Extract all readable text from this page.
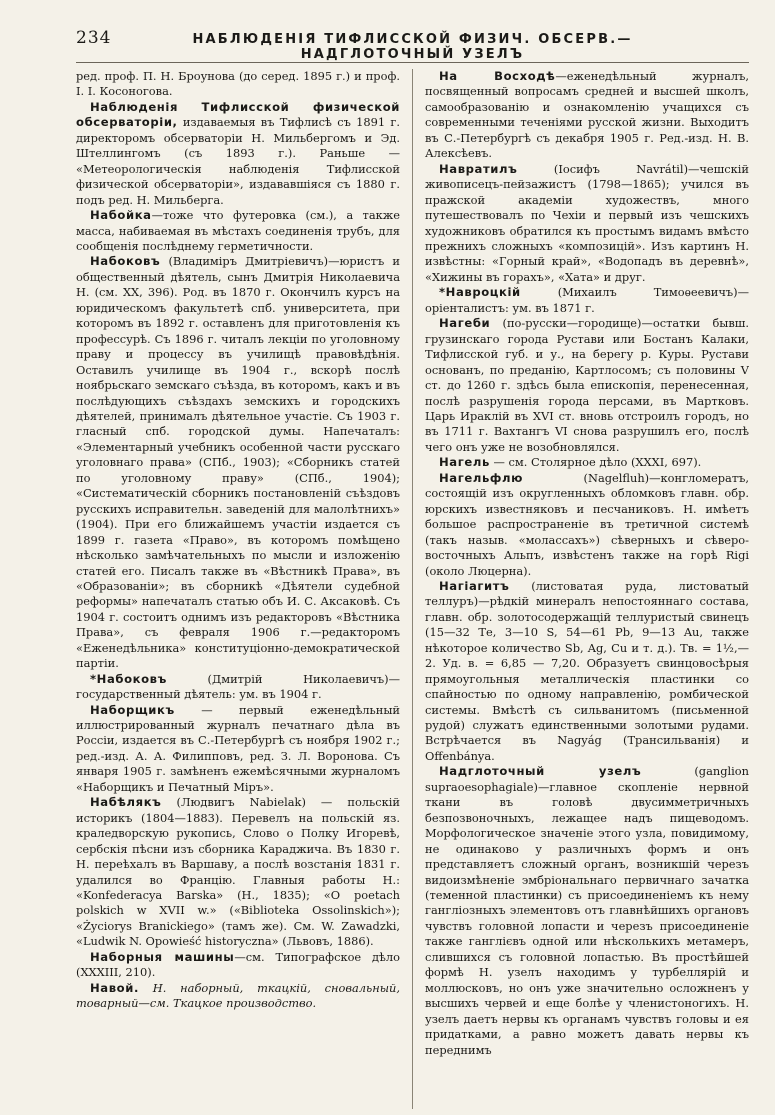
234	НАБЛЮДЕНІЯ ТИФЛИССКОЙ ФИЗИЧ. ОБСЕРВ.—НАДГЛОТОЧНЫЙ УЗЕЛЪ

ред. проф. П. Н. Броунова (до серед. 1895 г.) и проф. І. І. Косоногова.

Наблюденія Тифлисской физической обсерваторіи, издаваемыя въ Тифлисѣ съ 1891 г. директоромъ обсерваторіи Н. Мильбергомъ и Эд. Штеллингомъ (съ 1893 г.). Раньше — «Метеорологическія наблюденія Тифлисской физической обсерваторіи», издававшіяся съ 1880 г. подъ ред. Н. Мильберга.

Набойка—тоже что футеровка (см.), а также масса, набиваемая въ мѣстахъ соединенія трубъ, для сообщенія послѣднему герметичности.

Набоковъ (Владиміръ Дмитріевичъ)—юристъ и общественный дѣятель, сынъ Дмитрія Николаевича Н. (см. XX, 396). Род. въ 1870 г. Окончилъ курсъ на юридическомъ факультетѣ спб. университета, при которомъ въ 1892 г. оставленъ для приготовленія къ профессурѣ. Съ 1896 г. читалъ лекціи по уголовному праву и процессу въ училищѣ правовѣдѣнія. Оставилъ училище въ 1904 г., вскорѣ послѣ ноябрьскаго земскаго съѣзда, въ которомъ, какъ и въ послѣдующихъ съѣздахъ земскихъ и городскихъ дѣятелей, принималъ дѣятельное участіе. Съ 1903 г. гласный спб. городской думы. Напечаталъ: «Элементарный учебникъ особенной части русскаго уголовнаго права» (СПб., 1903); «Сборникъ статей по уголовному праву» (СПб., 1904); «Систематическій сборникъ постановленій съѣздовъ русскихъ исправительн. заведеній для малолѣтнихъ» (1904). При его ближайшемъ участіи издается съ 1899 г. газета «Право», въ которомъ помѣщено нѣсколько замѣчательныхъ по мысли и изложенію статей его. Писалъ также въ «Вѣстникѣ Права», въ «Образованіи»; въ сборникѣ «Дѣятели судебной реформы» напечаталъ статью объ И. С. Аксаковѣ. Съ 1904 г. состоитъ однимъ изъ редакторовъ «Вѣстника Права», съ февраля 1906 г.—редакторомъ «Еженедѣльника» конституціонно-демократической партіи.

*Набоковъ (Дмитрій Николаевичъ)—государственный дѣятель: ум. въ 1904 г.

Наборщикъ — первый еженедѣльный иллюстрированный журналъ печатнаго дѣла въ Россіи, издается въ С.-Петербургѣ съ ноября 1902 г.; ред.-изд. А. А. Филипповъ, ред. З. Л. Воронова. Съ января 1905 г. замѣненъ ежемѣсячными журналомъ «Наборщикъ и Печатный Міръ».

Набѣлякъ (Людвигъ Nabielak) — польскій историкъ (1804—1883). Перевелъ на польскій яз. краледворскую рукопись, Слово о Полку Игоревѣ, сербскія пѣсни изъ сборника Караджича. Въ 1830 г. Н. переѣхалъ въ Варшаву, а послѣ возстанія 1831 г. удалился во Францію. Главныя работы Н.: «Konfederacya Barska» (Н., 1835); «О poetach polskich w XVII w.» («Biblioteka Ossolinskich»); «Życiorys Branickiego» (тамъ же). См. W. Zawadzki, «Ludwik N. Opowieść historyczna» (Львовъ, 1886).

Наборныя машины—см. Типографское дѣло (XXXIII, 210).

Навой. Н. наборный, ткацкій, сновальный, товарный—см. Ткацкое производство.

На Восходѣ—еженедѣльный журналъ, посвященный вопросамъ средней и высшей школъ, самообразованію и ознакомленію учащихся съ современными теченіями русской жизни. Выходитъ въ С.-Петербургѣ съ декабря 1905 г. Ред.-изд. Н. В. Алексѣевъ.

Навратилъ (Іосифъ Navrátil)—чешскій живописецъ-пейзажистъ (1798—1865); учился въ пражской академіи художествъ, много путешествовалъ по Чехіи и первый изъ чешскихъ художниковъ обратился къ простымъ видамъ вмѣсто прежнихъ сложныхъ «композицій». Изъ картинъ Н. извѣстны: «Горный край», «Водопадъ въ деревнѣ», «Хижины въ горахъ», «Хата» и друг.

*Навроцкій (Михаилъ Тимоѳеевичъ)—оріенталистъ: ум. въ 1871 г.

Нагеби (по-русски—городище)—остатки бывш. грузинскаго города Рустави или Бостанъ Калаки, Тифлисской губ. и у., на берегу р. Куры. Рустави основанъ, по преданію, Картлосомъ; съ половины V ст. до 1260 г. здѣсь была епископія, перенесенная, послѣ разрушенія города персами, въ Мартковъ. Царь Ираклій въ XVI ст. вновь отстроилъ городъ, но въ 1711 г. Вахтангъ VI снова разрушилъ его, послѣ чего онъ уже не возобновлялся.

Нагель — см. Столярное дѣло (XXXI, 697).

Нагельфлю (Nagelfluh)—конгломератъ, состоящій изъ округленныхъ обломковъ главн. обр. юрскихъ известняковъ и песчаниковъ. Н. имѣетъ большое распространеніе въ третичной системѣ (такъ назыв. «молассахъ») сѣверныхъ и сѣверо-восточныхъ Альпъ, извѣстенъ также на горѣ Rigi (около Люцерна).

Нагіагитъ (листоватая руда, листоватый теллуръ)—рѣдкій минералъ непостояннаго состава, главн. обр. золотосодержащій теллуристый свинецъ (15—32 Те, 3—10 S, 54—61 Pb, 9—13 Au, также нѣкоторое количество Sb, Ag, Cu и т. д.). Тв. = 1½,—2. Уд. в. = 6,85 — 7,20. Образуетъ свинцовосѣрыя прямоугольныя металлическія пластинки со спайностью по одному направленію, ромбической системы. Вмѣстѣ съ сильванитомъ (письменной рудой) служатъ единственными золотыми рудами. Встрѣчается въ Nagyág (Трансильванія) и Offenbánya.

Надглоточный узелъ (ganglion supraoesophagiale)—главное скопленіе нервной ткани въ головѣ двусимметричныхъ безпозвоночныхъ, лежащее надъ пищеводомъ. Морфологическое значеніе этого узла, повидимому, не одинаково у различныхъ формъ и онъ представляетъ сложный органъ, возникшій черезъ видоизмѣненіе эмбріональнаго первичнаго зачатка (теменной пластинки) съ присоединеніемъ къ нему гангліозныхъ элементовъ отъ главнѣйшихъ органовъ чувствъ головной лопасти и черезъ присоединеніе также ганглієвъ одной или нѣсколькихъ метамеръ, слившихся съ головной лопастью. Въ простѣйшей формѣ Н. узелъ находимъ у турбеллярій и моллюсковъ, но онъ уже значительно осложненъ у высшихъ червей и еще болѣе у членистоногихъ. Н. узелъ даетъ нервы къ органамъ чувствъ головы и ея придатками, а равно можетъ давать нервы къ переднимъ
